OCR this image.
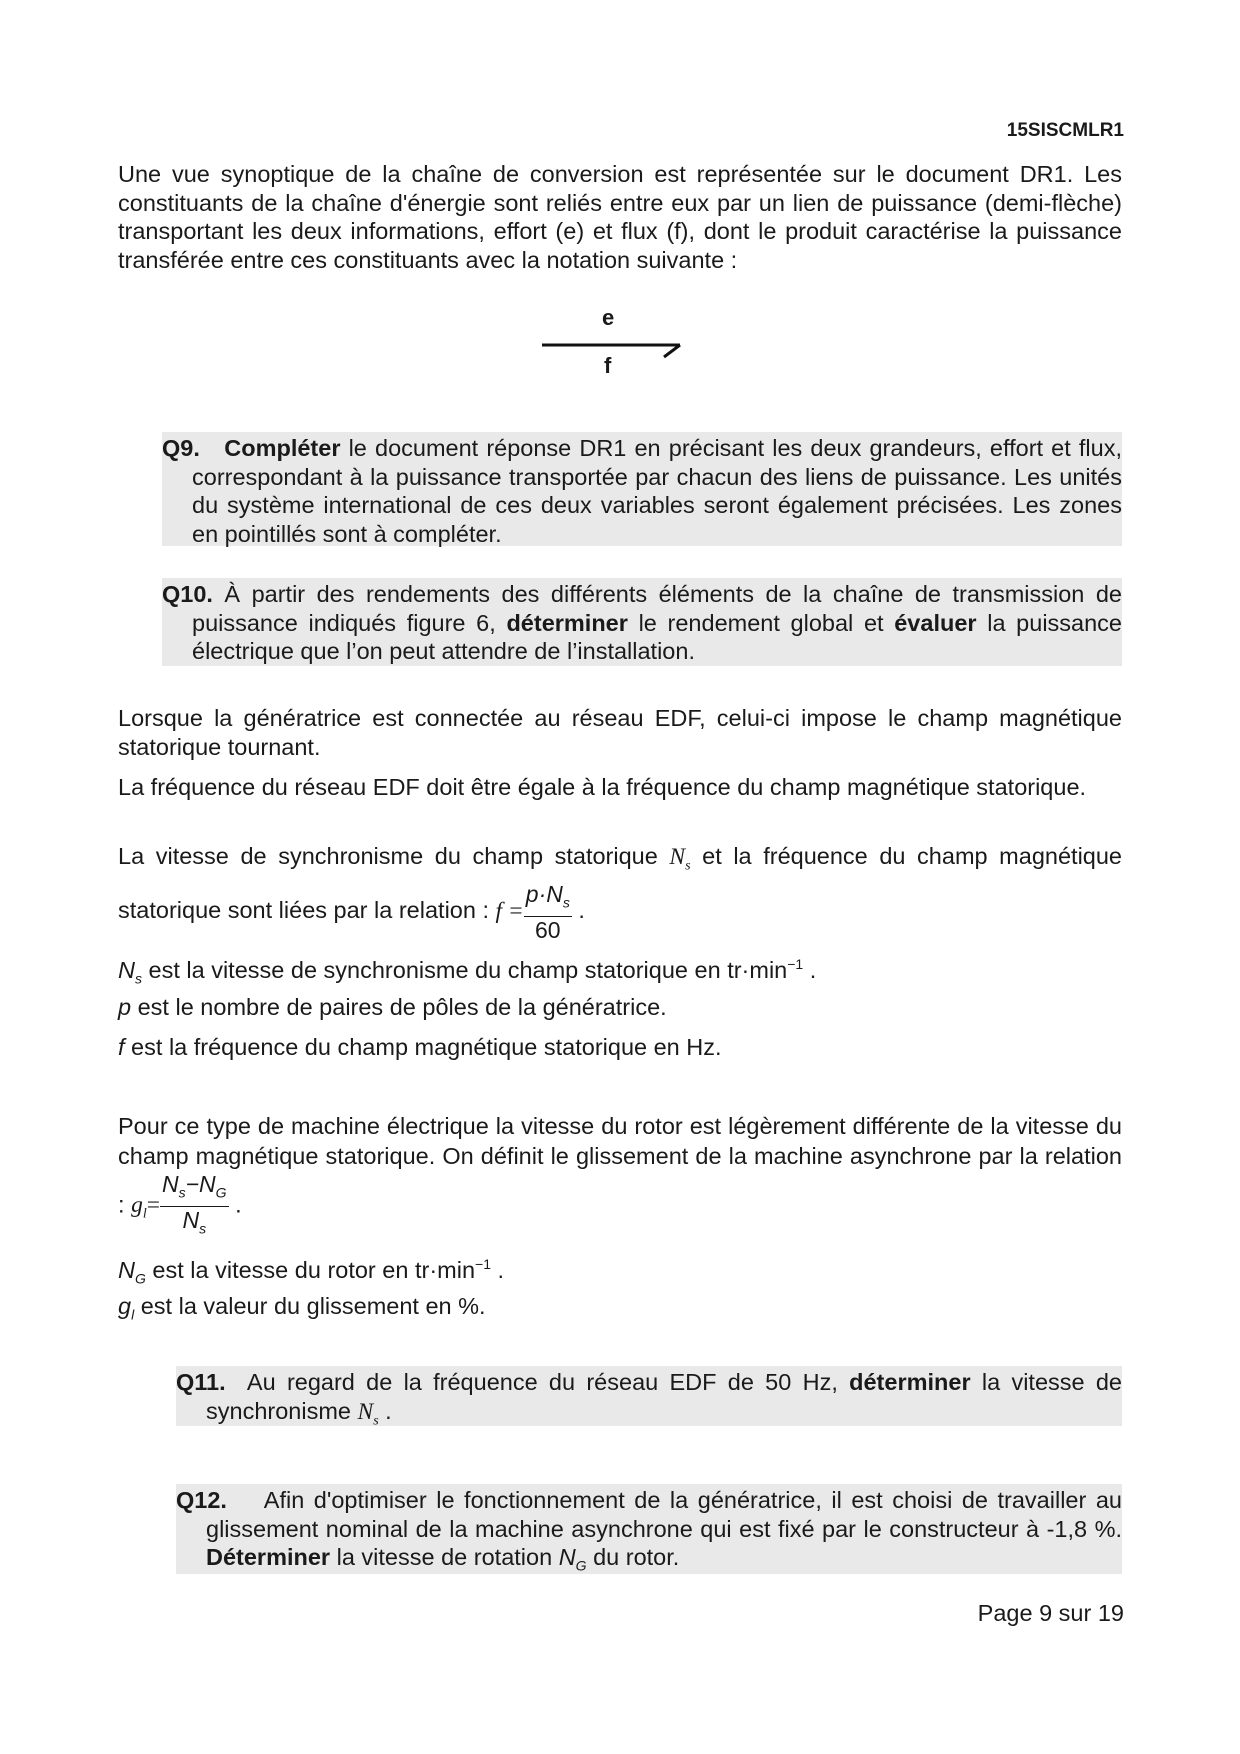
15SISCMLR1

Une vue synoptique de la chaîne de conversion est représentée sur le document DR1. Les constituants de la chaîne d'énergie sont reliés entre eux par un lien de puissance (demi-flèche) transportant les deux informations, effort (e) et flux (f), dont le produit caractérise la puissance transférée entre ces constituants avec la notation suivante :

e
f
Q9. Compléter le document réponse DR1 en précisant les deux grandeurs, effort et flux, correspondant à la puissance transportée par chacun des liens de puissance. Les unités du système international de ces deux variables seront également précisées. Les zones en pointillés sont à compléter.
Q10. À partir des rendements des différents éléments de la chaîne de transmission de puissance indiqués figure 6, déterminer le rendement global et évaluer la puissance électrique que l’on peut attendre de l’installation.

Lorsque la génératrice est connectée au réseau EDF, celui-ci impose le champ magnétique statorique tournant.

La fréquence du réseau EDF doit être égale à la fréquence du champ magnétique statorique.

La vitesse de synchronisme du champ statorique $N_s$ et la fréquence du champ magnétique statorique sont liées par la relation : $f = \frac{p\cdot N_s}{60}$ .

$N_s$ est la vitesse de synchronisme du champ statorique en $tr\cdot\min^{-1}$ .

p est le nombre de paires de pôles de la génératrice.

f est la fréquence du champ magnétique statorique en Hz.

Pour ce type de machine électrique la vitesse du rotor est légèrement différente de la vitesse du champ magnétique statorique. On définit le glissement de la machine asynchrone par la relation : $g_l= \frac{N_s-N_G}{N_s}$ .

$N_G$ est la vitesse du rotor en $tr\cdot\min^{-1}$ .

$g_l$ est la valeur du glissement en %.

Q11.  Au regard de la fréquence du réseau EDF de 50 Hz, déterminer la vitesse de synchronisme $N_s$ .
Q12.    Afin d'optimiser le fonctionnement de la génératrice, il est choisi de travailler au glissement nominal de la machine asynchrone qui est fixé par le constructeur à -1,8 %. Déterminer la vitesse de rotation $N_G$ du rotor.
Page 9 sur 19
